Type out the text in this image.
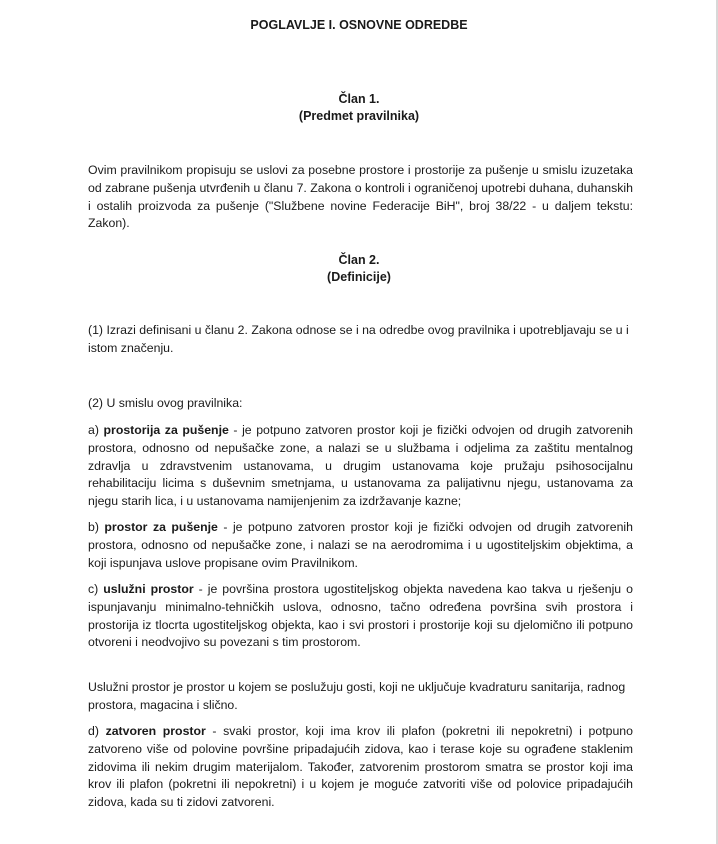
POGLAVLJE I. OSNOVNE ODREDBE
Član 1.
(Predmet pravilnika)
Ovim pravilnikom propisuju se uslovi za posebne prostore i prostorije za pušenje u smislu izuzetaka od zabrane pušenja utvrđenih u članu 7. Zakona o kontroli i ograničenoj upotrebi duhana, duhanskih i ostalih proizvoda za pušenje ("Službene novine Federacije BiH", broj 38/22 - u daljem tekstu: Zakon).
Član 2.
(Definicije)
(1) Izrazi definisani u članu 2. Zakona odnose se i na odredbe ovog pravilnika i upotrebljavaju se u i istom značenju.
(2) U smislu ovog pravilnika:
a) prostorija za pušenje - je potpuno zatvoren prostor koji je fizički odvojen od drugih zatvorenih prostora, odnosno od nepušačke zone, a nalazi se u službama i odjelima za zaštitu mentalnog zdravlja u zdravstvenim ustanovama, u drugim ustanovama koje pružaju psihosocijalnu rehabilitaciju licima s duševnim smetnjama, u ustanovama za palijativnu njegu, ustanovama za njegu starih lica, i u ustanovama namijenjenim za izdržavanje kazne;
b) prostor za pušenje - je potpuno zatvoren prostor koji je fizički odvojen od drugih zatvorenih prostora, odnosno od nepušačke zone, i nalazi se na aerodromima i u ugostiteljskim objektima, a koji ispunjava uslove propisane ovim Pravilnikom.
c) uslužni prostor - je površina prostora ugostiteljskog objekta navedena kao takva u rješenju o ispunjavanju minimalno-tehničkih uslova, odnosno, tačno određena površina svih prostora i prostorija iz tlocrta ugostiteljskog objekta, kao i svi prostori i prostorije koji su djelomično ili potpuno otvoreni i neodvojivo su povezani s tim prostorom.
Uslužni prostor je prostor u kojem se poslužuju gosti, koji ne uključuje kvadraturu sanitarija, radnog prostora, magacina i slično.
d) zatvoren prostor - svaki prostor, koji ima krov ili plafon (pokretni ili nepokretni) i potpuno zatvoreno više od polovine površine pripadajućih zidova, kao i terase koje su ograđene staklenim zidovima ili nekim drugim materijalom. Također, zatvorenim prostorom smatra se prostor koji ima krov ili plafon (pokretni ili nepokretni) i u kojem je moguće zatvoriti više od polovice pripadajućih zidova, kada su ti zidovi zatvoreni.
